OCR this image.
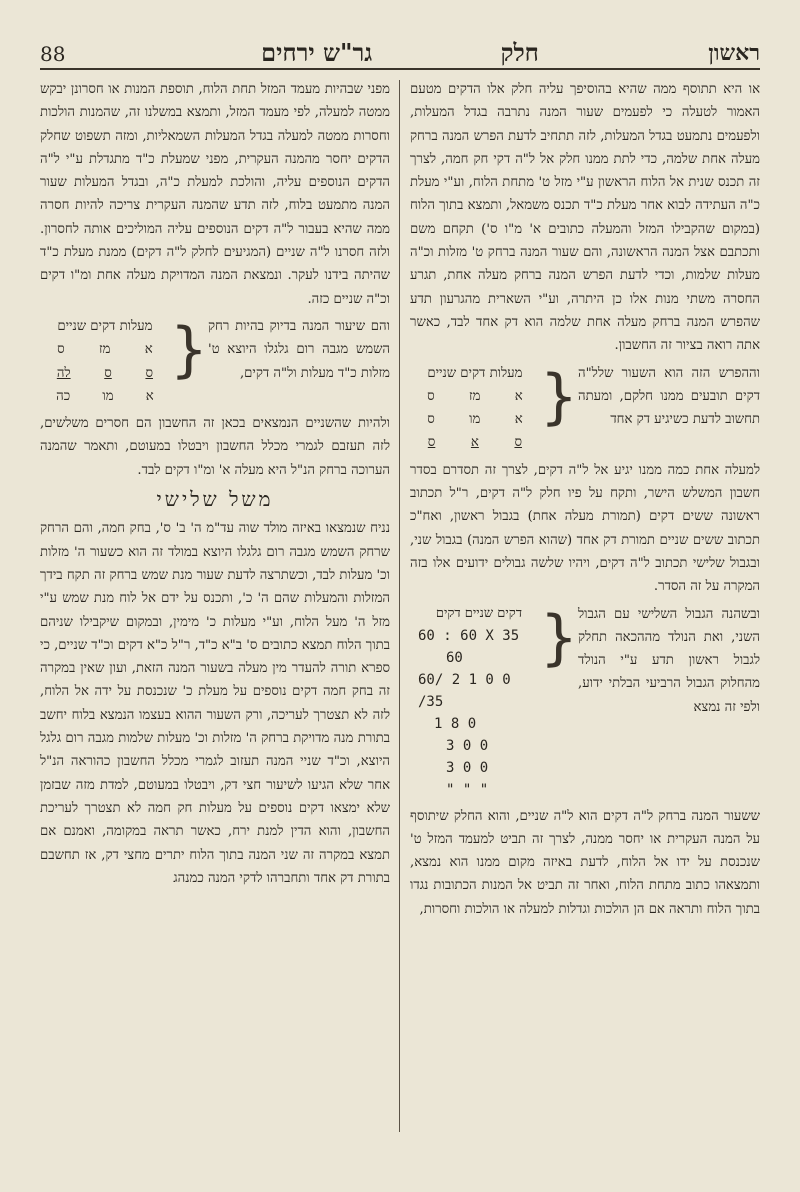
88	חלק גר"ש ירחים	ראשון

או היא תתוסף ממה שהיא בהוסיפך עליה חלק אלו הדקים מטעם האמור לטעלה כי לפעמים שעור המנה נתרבה בגדל המעלות, ולפעמים נתמעט בגדל המעלות, לזה תתחיב לדעת הפרש המנה ברחק מעלה אחת שלמה, כדי לתת ממנו חלק אל ל"ה דקי חק חמה, לצרך זה תכנס שנית אל הלוח הראשון ע"י מזל ט' מתחת הלוח, וע"י מעלת כ"ה העתידה לבוא אחר מעלת כ"ד תכנס משמאל, ותמצא בתוך הלוח (במקום שהקבילו המזל והמעלה כתובים א' מ"ו ס') תקחם משם ותכתבם אצל המנה הראשונה, והם שעור המנה ברחק ט' מזלות וכ"ה מעלות שלמות, וכדי לדעת הפרש המנה ברחק מעלה אחת, תגרע החסרה משתי מנות אלו כן היתרה, וע"י השארית מהגרעון תדע שהפרש המנה ברחק מעלה אחת שלמה הוא דק אחד לבד, כאשר אתה רואה בציור זה החשבון.

וההפרש הזה הוא השעור שלל"ה דקים תובעים ממנו חלקם, ומעתה תחשוב לדעת כשיגיע דק אחד
{
מעלות דקים שניים
ס	מז	א
ס	מו	א
ס	א	ס

למעלה אחת כמה ממנו יגיע אל ל"ה דקים, לצרך זה תסדרם בסדר חשבון המשלש הישר, ותקח על פיו חלק ל"ה דקים, ר"ל תכתוב ראשונה ששים דקים (תמורת מעלה אחת) בגבול ראשון, ואח"כ תכתוב ששים שניים תמורת דק אחד (שהוא הפרש המנה) בגבול שני, ובגבול שלישי תכתוב ל"ה דקים, ויהיו שלשה גבולים ידועים אלו בזה המקרה על זה הסדר.

ובשהנה הגבול השלישי עם הגבול השני, ואת הנולד מההכאה תחלק לגבול ראשון תדע ע"י הנולד מהחלוק הגבול הרביעי הבלתי ידוע, ולפי זה נמצא
{
דקים שניים דקים
60 : 60 X 35
60
60/ 2 1 0 0 /35
1 8 0
3 0 0
3 0 0
" " "

ששעור המנה ברחק ל"ה דקים הוא ל"ה שניים, והוא החלק שיתוסף על המנה העקרית או יחסר ממנה, לצרך זה תביט למעמד המזל ט' שנכנסת על ידו אל הלוח, לדעת באיזה מקום ממנו הוא נמצא, ותמצאהו כתוב מתחת הלוח, ואחר זה תביט אל המנות הכתובות נגדו בתוך הלוח ותראה אם הן הולכות וגדלות למעלה או הולכות וחסרות,

מפני שבהיות מעמד המזל תחת הלוח, תוספת המנות או חסרונן יבקש ממטה למעלה, לפי מעמד המזל, ותמצא במשלנו זה, שהמנות הולכות וחסרות ממטה למעלה בגדל המעלות השמאליות, ומזה תשפוט שחלק הדקים יחסר מהמנה העקרית, מפני שמעלת כ"ד מתגדלת ע"י ל"ה הדקים הנוספים עליה, והולכת למעלת כ"ה, ובגדל המעלות שעור המנה מתמעט בלוח, לזה תדע שהמנה העקרית צריכה להיות חסרה ממה שהיא בעבור ל"ה דקים הנוספים עליה המוליכים אותה לחסרון. ולזה חסרנו ל"ה שניים (המגיעים לחלק ל"ה דקים) ממנת מעלת כ"ד שהיתה בידנו לעקר. ונמצאת המנה המדויקת מעלה אחת ומ"ו דקים וכ"ה שניים כזה.

והם שיעור המנה בדיוק בהיות רחק השמש מגבה רום גלגלו היוצא ט' מזלות כ"ד מעלות ול"ה דקים,
{
מעלות דקים שניים
ס	מז	א
לה	ס	ס
כה מו א

ולהיות שהשניים הנמצאים בכאן זה החשבון הם חסרים משלשים, לזה תעזבם לגמרי מכלל החשבון ויבטלו במעוטם, ותאמר שהמנה הערוכה ברחק הנ"ל היא מעלה א' ומ"ו דקים לבד.

משל שלישי

נניח שנמצאו באיזה מולד שוה עד"מ ה' ב' ס', בחק חמה, והם הרחק שרחק השמש מגבה רום גלגלו היוצא במולד זה הוא כשעור ה' מזלות וכ' מעלות לבד, וכשתרצה לדעת שעור מנת שמש ברחק זה תקח בידך המזלות והמעלות שהם ה' כ', ותכנס על ידם אל לוח מנת שמש ע"י מזל ה' מעל הלוח, וע"י מעלות כ' מימין, ובמקום שיקבילו שניהם בתוך הלוח תמצא כתובים ס' ב"א כ"ד, ר"ל כ"א דקים וכ"ד שניים, כי ספרא תורה להעדר מין מעלה בשעור המנה הזאת, ועון שאין במקרה זה בחק חמה דקים נוספים על מעלת כ' שנכנסת על ידה אל הלוח, לזה לא תצטרך לעריכה, ורק השעור ההוא בעצמו הנמצא בלוח יחשב בתורת מנה מדויקת ברחק ה' מזלות וכ' מעלות שלמות מגבה רום גלגל היוצא, וכ"ד שניי המנה תעזוב לגמרי מכלל החשבון כהוראה הנ"ל אחר שלא הגיעו לשיעור חצי דק, ויבטלו במעוטם, למדת מזה שבזמן שלא ימצאו דקים נוספים על מעלות חק חמה לא תצטרך לעריכת החשבון, והוא הדין למנת ירח, כאשר תראה במקומה, ואמנם אם תמצא במקרה זה שני המנה בתוך הלוח יתרים מחצי דק, אז תחשבם בתורת דק אחד ותחברהו לדקי המנה כמנהג
